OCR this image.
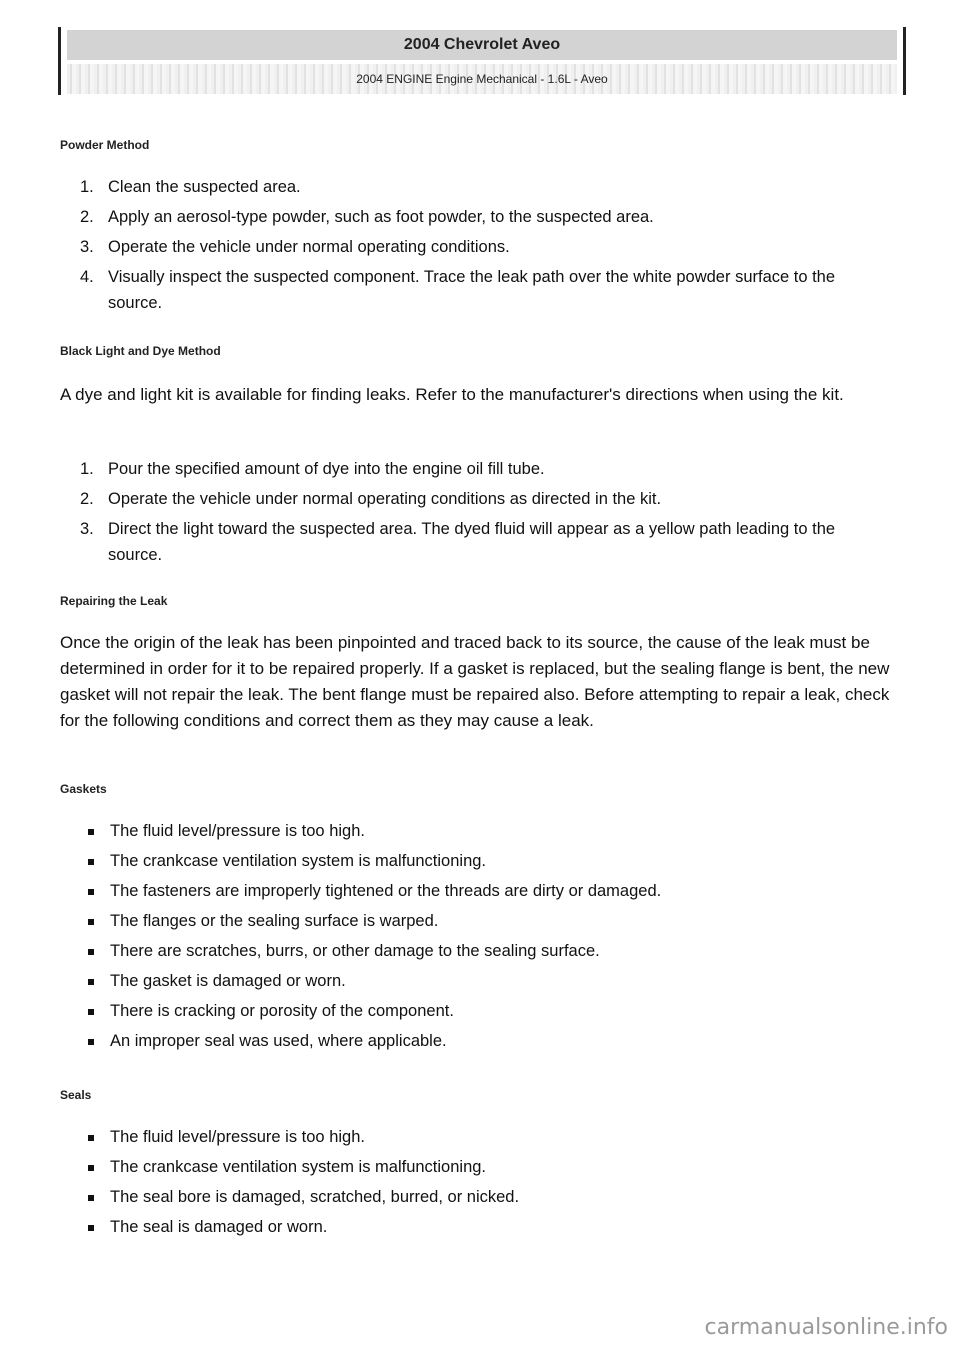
2004 Chevrolet Aveo
2004 ENGINE Engine Mechanical - 1.6L - Aveo

Powder Method

1. Clean the suspected area.
2. Apply an aerosol-type powder, such as foot powder, to the suspected area.
3. Operate the vehicle under normal operating conditions.
4. Visually inspect the suspected component. Trace the leak path over the white powder surface to the source.

Black Light and Dye Method

A dye and light kit is available for finding leaks. Refer to the manufacturer's directions when using the kit.

1. Pour the specified amount of dye into the engine oil fill tube.
2. Operate the vehicle under normal operating conditions as directed in the kit.
3. Direct the light toward the suspected area. The dyed fluid will appear as a yellow path leading to the source.

Repairing the Leak

Once the origin of the leak has been pinpointed and traced back to its source, the cause of the leak must be determined in order for it to be repaired properly. If a gasket is replaced, but the sealing flange is bent, the new gasket will not repair the leak. The bent flange must be repaired also. Before attempting to repair a leak, check for the following conditions and correct them as they may cause a leak.

Gaskets

The fluid level/pressure is too high.
The crankcase ventilation system is malfunctioning.
The fasteners are improperly tightened or the threads are dirty or damaged.
The flanges or the sealing surface is warped.
There are scratches, burrs, or other damage to the sealing surface.
The gasket is damaged or worn.
There is cracking or porosity of the component.
An improper seal was used, where applicable.

Seals

The fluid level/pressure is too high.
The crankcase ventilation system is malfunctioning.
The seal bore is damaged, scratched, burred, or nicked.
The seal is damaged or worn.
carmanualsonline.info
